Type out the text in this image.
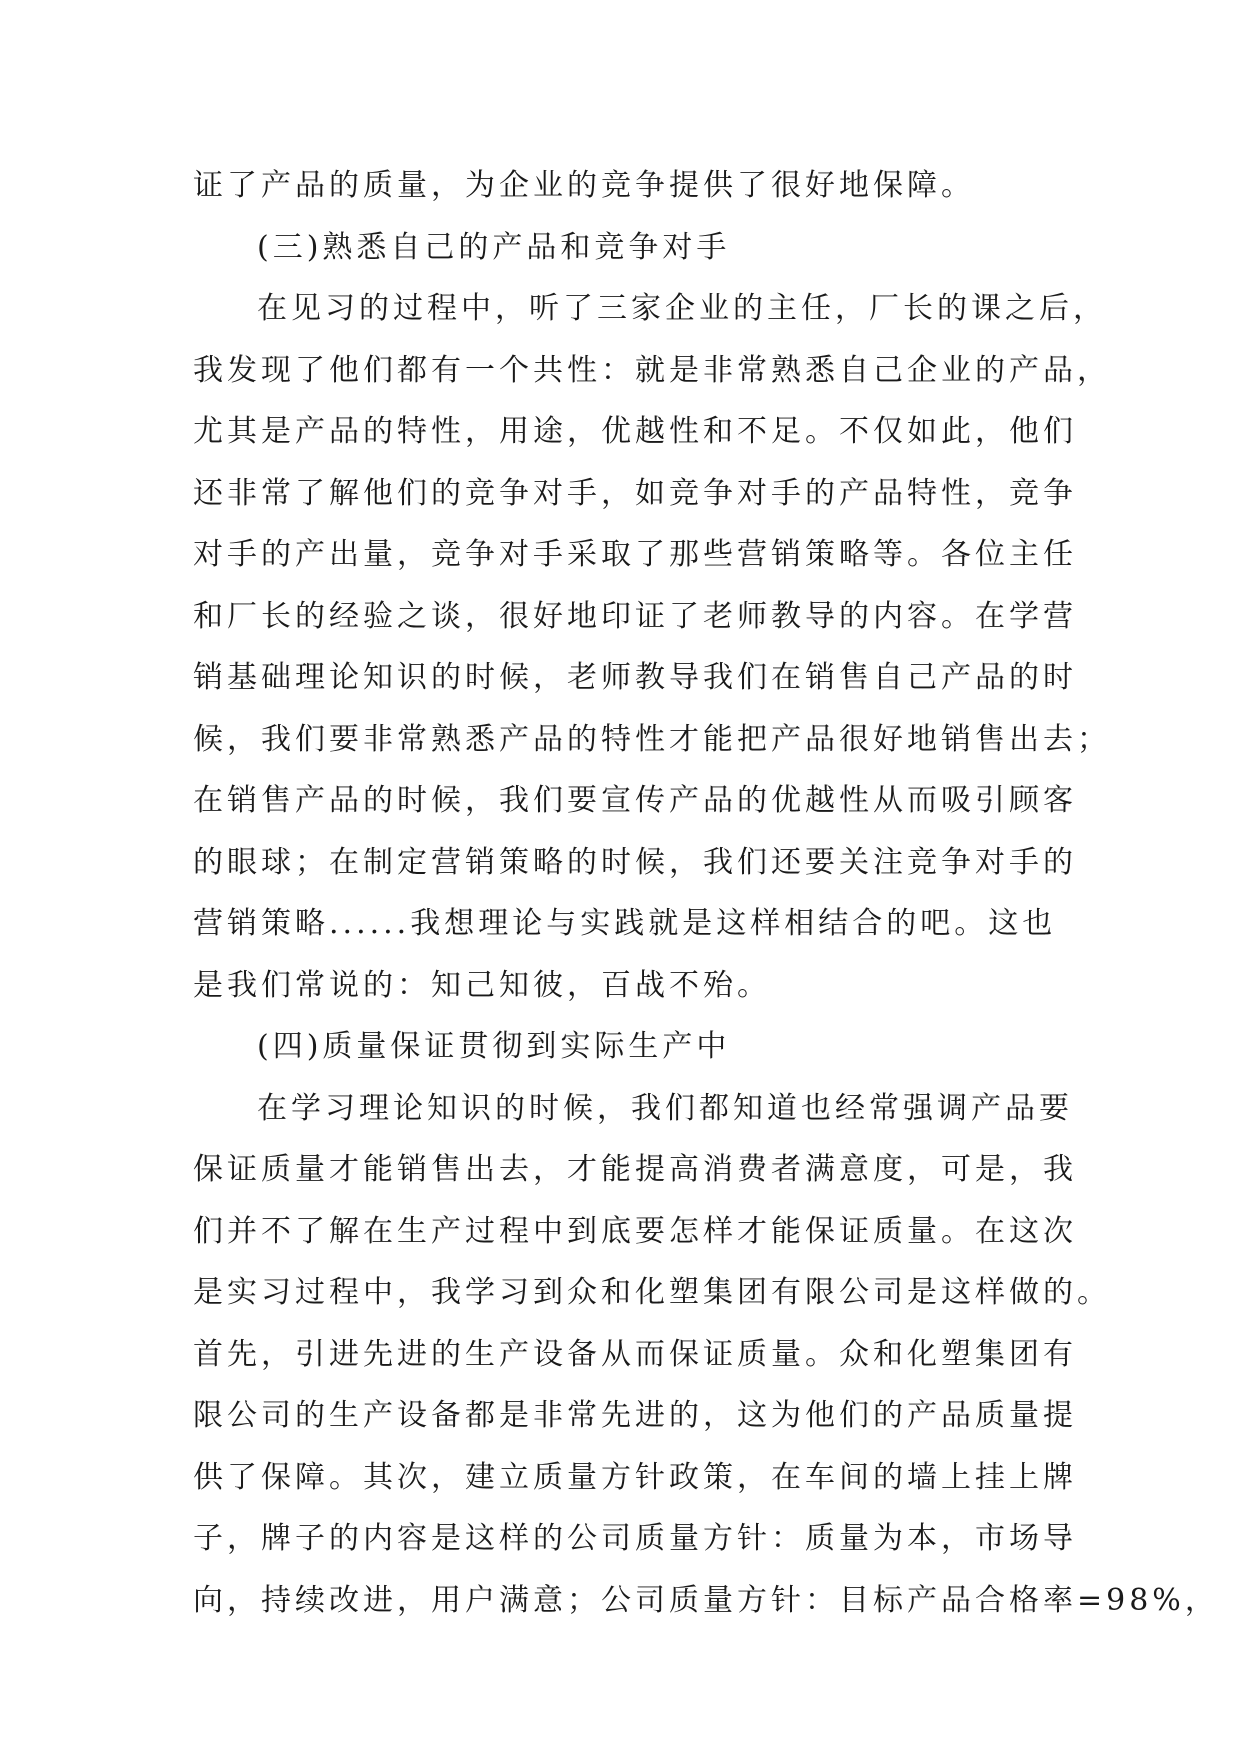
证了产品的质量，为企业的竞争提供了很好地保障。
(三)熟悉自己的产品和竞争对手
在见习的过程中，听了三家企业的主任，厂长的课之后，
我发现了他们都有一个共性：就是非常熟悉自己企业的产品，
尤其是产品的特性，用途，优越性和不足。不仅如此，他们
还非常了解他们的竞争对手，如竞争对手的产品特性，竞争
对手的产出量，竞争对手采取了那些营销策略等。各位主任
和厂长的经验之谈，很好地印证了老师教导的内容。在学营
销基础理论知识的时候，老师教导我们在销售自己产品的时
候，我们要非常熟悉产品的特性才能把产品很好地销售出去；
在销售产品的时候，我们要宣传产品的优越性从而吸引顾客
的眼球；在制定营销策略的时候，我们还要关注竞争对手的
营销策略......我想理论与实践就是这样相结合的吧。这也
是我们常说的：知己知彼，百战不殆。
(四)质量保证贯彻到实际生产中
在学习理论知识的时候，我们都知道也经常强调产品要
保证质量才能销售出去，才能提高消费者满意度，可是，我
们并不了解在生产过程中到底要怎样才能保证质量。在这次
是实习过程中，我学习到众和化塑集团有限公司是这样做的。
首先，引进先进的生产设备从而保证质量。众和化塑集团有
限公司的生产设备都是非常先进的，这为他们的产品质量提
供了保障。其次，建立质量方针政策，在车间的墙上挂上牌
子，牌子的内容是这样的公司质量方针：质量为本，市场导
向，持续改进，用户满意；公司质量方针：目标产品合格率=98%，
